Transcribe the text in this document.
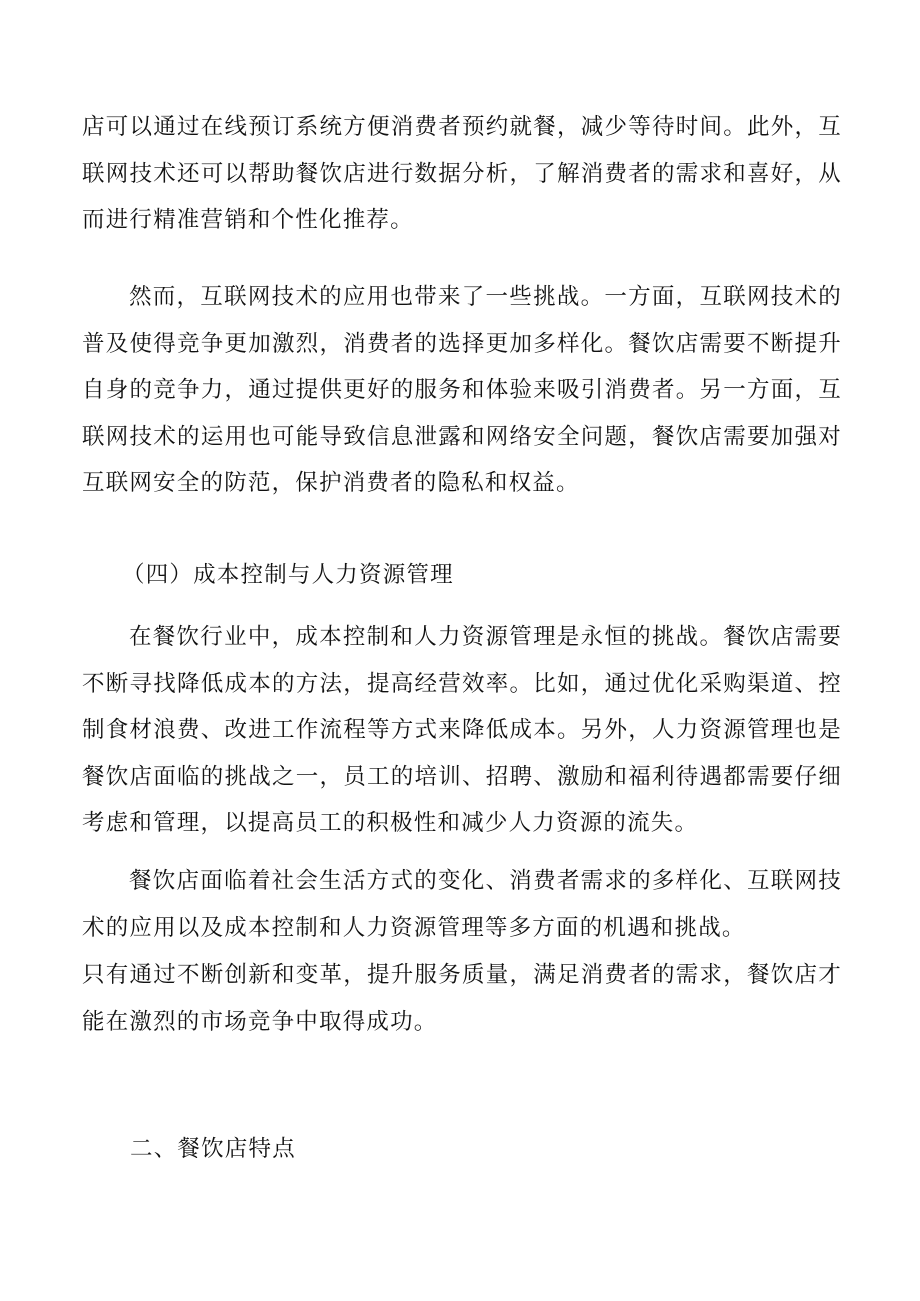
店可以通过在线预订系统方便消费者预约就餐，减少等待时间。此外，互联网技术还可以帮助餐饮店进行数据分析，了解消费者的需求和喜好，从而进行精准营销和个性化推荐。

然而，互联网技术的应用也带来了一些挑战。一方面，互联网技术的普及使得竞争更加激烈，消费者的选择更加多样化。餐饮店需要不断提升自身的竞争力，通过提供更好的服务和体验来吸引消费者。另一方面，互联网技术的运用也可能导致信息泄露和网络安全问题，餐饮店需要加强对互联网安全的防范，保护消费者的隐私和权益。

（四）成本控制与人力资源管理

在餐饮行业中，成本控制和人力资源管理是永恒的挑战。餐饮店需要不断寻找降低成本的方法，提高经营效率。比如，通过优化采购渠道、控制食材浪费、改进工作流程等方式来降低成本。另外，人力资源管理也是餐饮店面临的挑战之一，员工的培训、招聘、激励和福利待遇都需要仔细考虑和管理，以提高员工的积极性和减少人力资源的流失。

餐饮店面临着社会生活方式的变化、消费者需求的多样化、互联网技术的应用以及成本控制和人力资源管理等多方面的机遇和挑战。

只有通过不断创新和变革，提升服务质量，满足消费者的需求，餐饮店才能在激烈的市场竞争中取得成功。

二、餐饮店特点
